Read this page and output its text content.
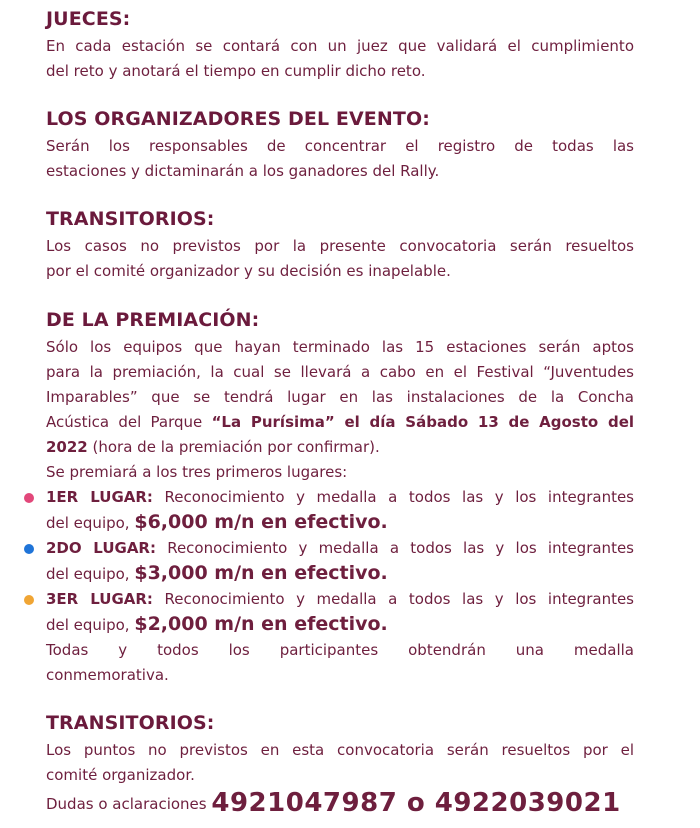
JUECES:

En cada estación se contará con un juez que validará el cumplimiento

del reto y anotará el tiempo en cumplir dicho reto.

LOS ORGANIZADORES DEL EVENTO:

Serán los responsables de concentrar el registro de todas las

estaciones y dictaminarán a los ganadores del Rally.

TRANSITORIOS:

Los casos no previstos por la presente convocatoria serán resueltos

por el comité organizador y su decisión es inapelable.

DE LA PREMIACIÓN:

Sólo los equipos que hayan terminado las 15 estaciones serán aptos

para la premiación, la cual se llevará a cabo en el Festival “Juventudes

Imparables” que se tendrá lugar en las instalaciones de la Concha

Acústica del Parque “La Purísima” el día Sábado 13 de Agosto del

2022 (hora de la premiación por confirmar).

Se premiará a los tres primeros lugares:

1ER LUGAR: Reconocimiento y medalla a todos las y los integrantes

del equipo, $6,000 m/n en efectivo.

2DO LUGAR: Reconocimiento y medalla a todos las y los integrantes

del equipo, $3,000 m/n en efectivo.

3ER LUGAR: Reconocimiento y medalla a todos las y los integrantes

del equipo, $2,000 m/n en efectivo.

Todas y todos los participantes obtendrán una medalla

conmemorativa.

TRANSITORIOS:

Los puntos no previstos en esta convocatoria serán resueltos por el

comité organizador.

Dudas o aclaraciones 4921047987 o 4922039021
